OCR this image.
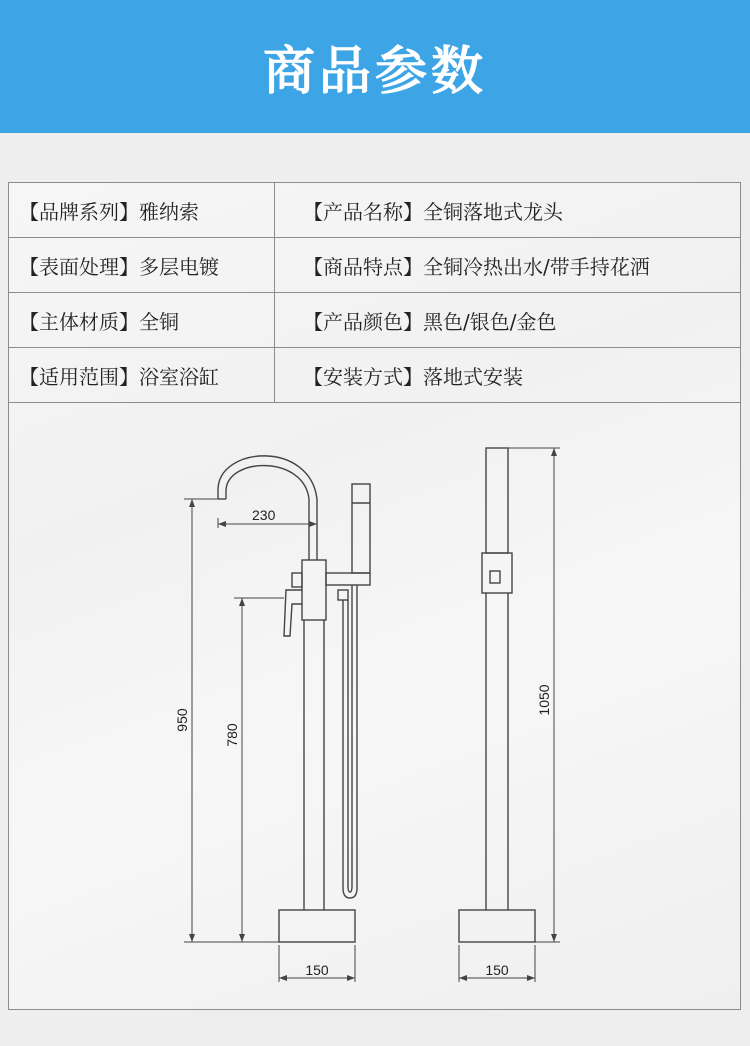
商品参数
【品牌系列】雅纳索	【产品名称】全铜落地式龙头
【表面处理】多层电镀	【商品特点】全铜冷热出水/带手持花洒
【主体材质】全铜	【产品颜色】黑色/银色/金色
【适用范围】浴室浴缸	【安装方式】落地式安装
230
950
780
1050
150	150
